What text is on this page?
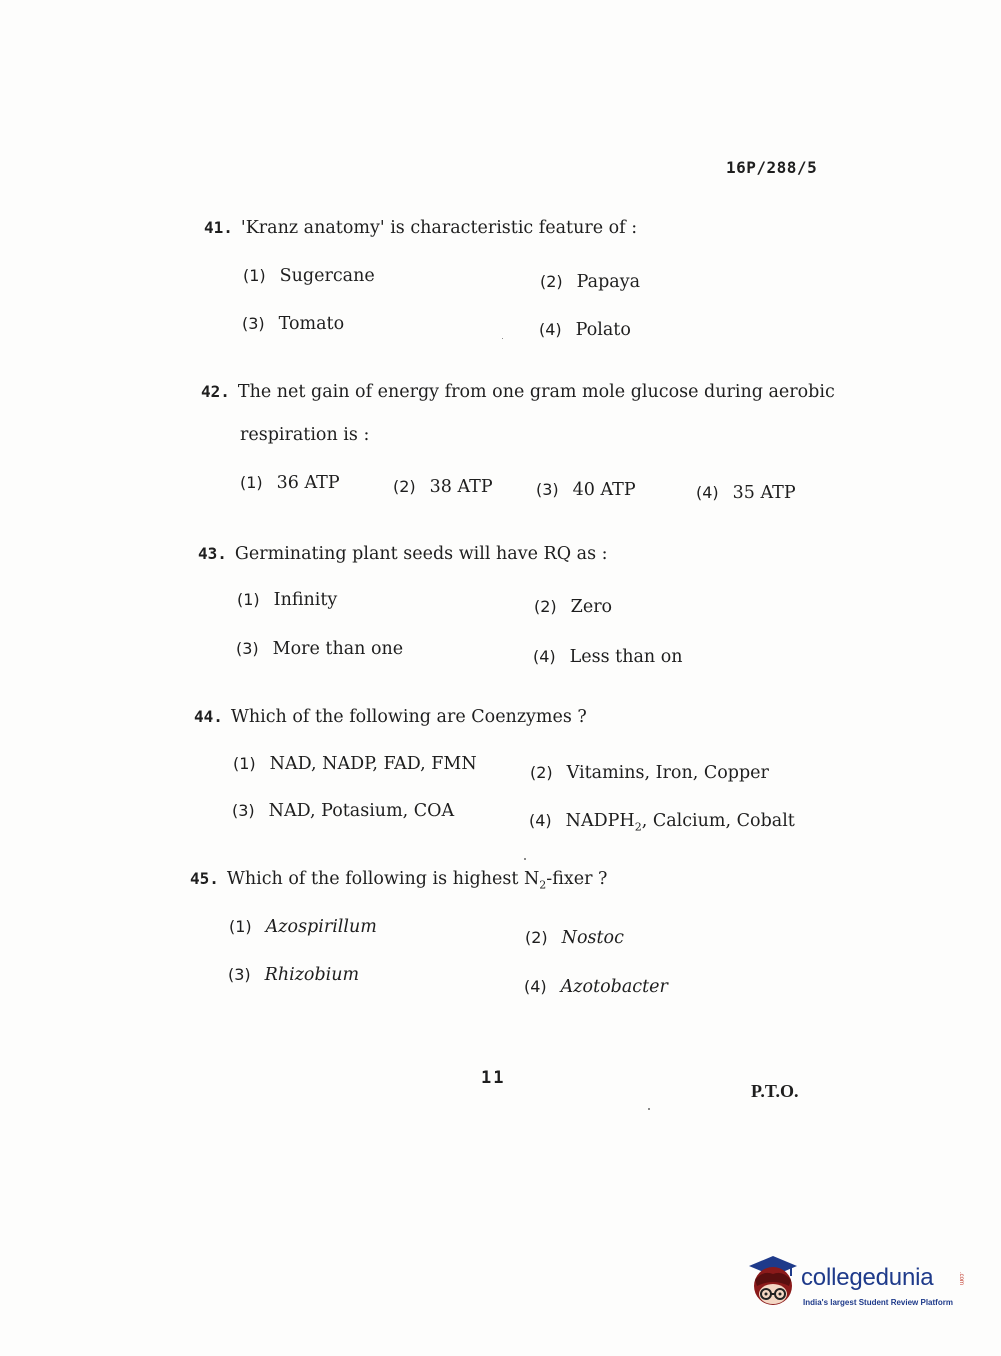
16P/288/5
41. 'Kranz anatomy' is characteristic feature of :
(1) Sugercane	(2) Papaya
(3) Tomato	(4) Polato
42. The net gain of energy from one gram mole glucose during aerobic
respiration is :
(1) 36 ATP	(2) 38 ATP	(3) 40 ATP	(4) 35 ATP
43. Germinating plant seeds will have RQ as :
(1) Infinity	(2) Zero
(3) More than one	(4) Less than on
44. Which of the following are Coenzymes ?
(1) NAD, NADP, FAD, FMN	(2) Vitamins, Iron, Copper
(3) NAD, Potasium, COA	(4) $NADPH_2$, Calcium, Cobalt
45. Which of the following is highest $N_2$-fixer ?
(1) Azospirillum
(2) Nostoc
(3) Rhizobium
(4) Azotobacter
11
P.T.O.
collegedunia	.com
India's largest Student Review Platform
